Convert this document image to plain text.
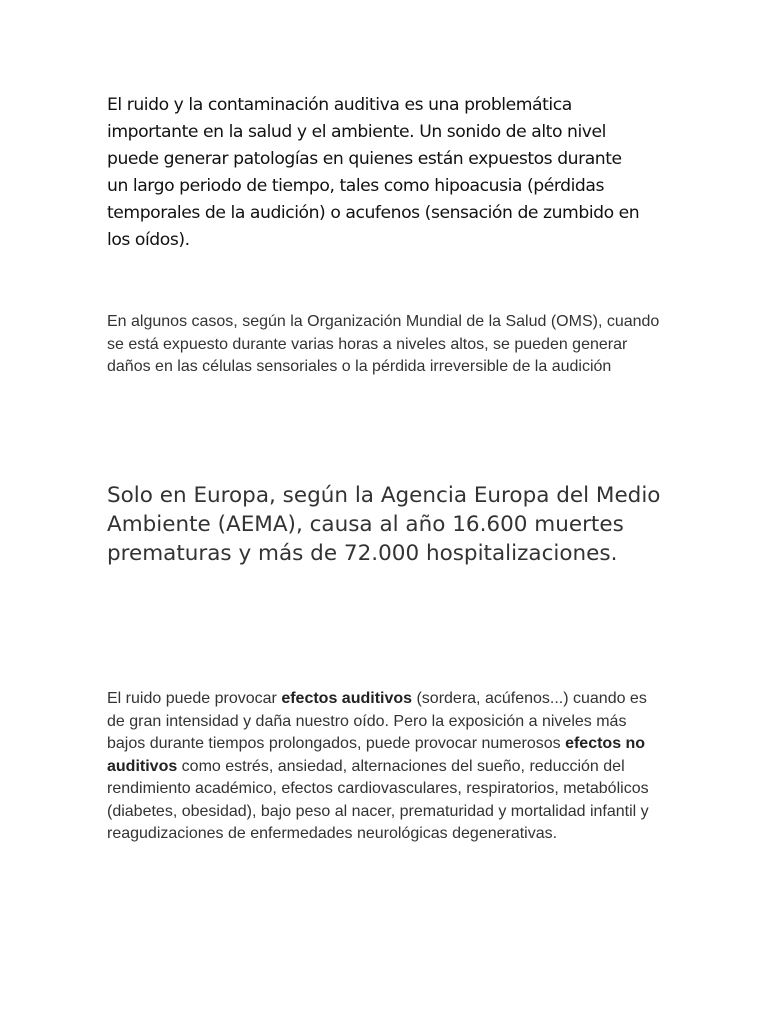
El ruido y la contaminación auditiva es una problemática importante en la salud y el ambiente. Un sonido de alto nivel puede generar patologías en quienes están expuestos durante un largo periodo de tiempo, tales como hipoacusia (pérdidas temporales de la audición) o acufenos (sensación de zumbido en los oídos).

En algunos casos, según la Organización Mundial de la Salud (OMS), cuando se está expuesto durante varias horas a niveles altos, se pueden generar daños en las células sensoriales o la pérdida irreversible de la audición

Solo en Europa, según la Agencia Europa del Medio Ambiente (AEMA), causa al año 16.600 muertes prematuras y más de 72.000 hospitalizaciones.

El ruido puede provocar efectos auditivos (sordera, acúfenos...) cuando es de gran intensidad y daña nuestro oído. Pero la exposición a niveles más bajos durante tiempos prolongados, puede provocar numerosos efectos no auditivos como estrés, ansiedad, alternaciones del sueño, reducción del rendimiento académico, efectos cardiovasculares, respiratorios, metabólicos (diabetes, obesidad), bajo peso al nacer, prematuridad y mortalidad infantil y reagudizaciones de enfermedades neurológicas degenerativas.
